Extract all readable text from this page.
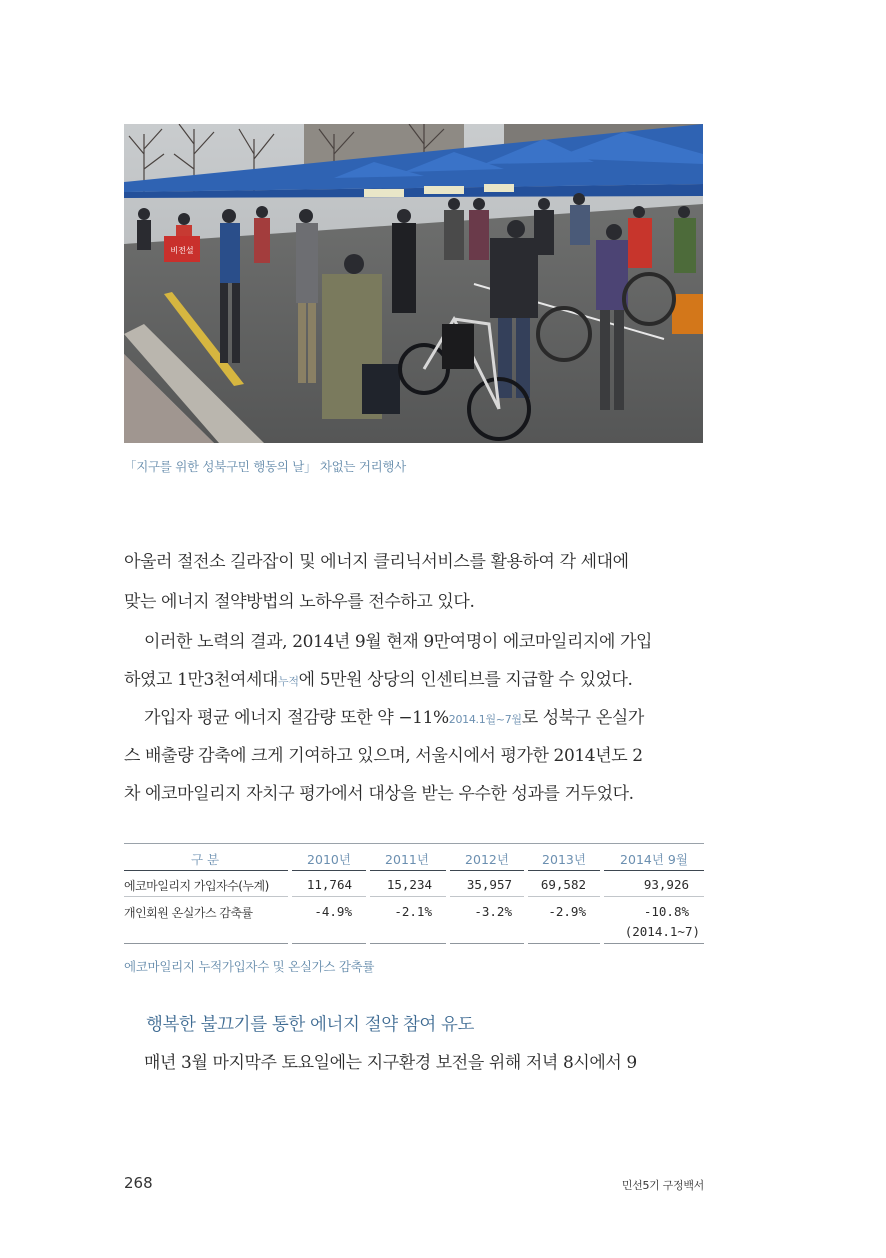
비전설
「지구를 위한 성북구민 행동의 날」 차없는 거리행사
아울러 절전소 길라잡이 및 에너지 클리닉서비스를 활용하여 각 세대에
맞는 에너지 절약방법의 노하우를 전수하고 있다.
이러한 노력의 결과, 2014년 9월 현재 9만여명이 에코마일리지에 가입
하였고 1만3천여세대누적에 5만원 상당의 인센티브를 지급할 수 있었다.
가입자 평균 에너지 절감량 또한 약 −11%2014.1월~7월로 성북구 온실가
스 배출량 감축에 크게 기여하고 있으며, 서울시에서 평가한 2014년도 2
차 에코마일리지 자치구 평가에서 대상을 받는 우수한 성과를 거두었다.
구 분	2010년	2011년	2012년	2013년	2014년 9월
에코마일리지 가입자수(누계)	11,764	15,234	35,957	69,582	93,926
개인회원 온실가스 감축률	-4.9%	-2.1%	-3.2%	-2.9%	-10.8%
(2014.1~7)
에코마일리지 누적가입자수 및 온실가스 감축률
행복한 불끄기를 통한 에너지 절약 참여 유도
매년 3월 마지막주 토요일에는 지구환경 보전을 위해 저녁 8시에서 9
268	민선5기 구정백서
